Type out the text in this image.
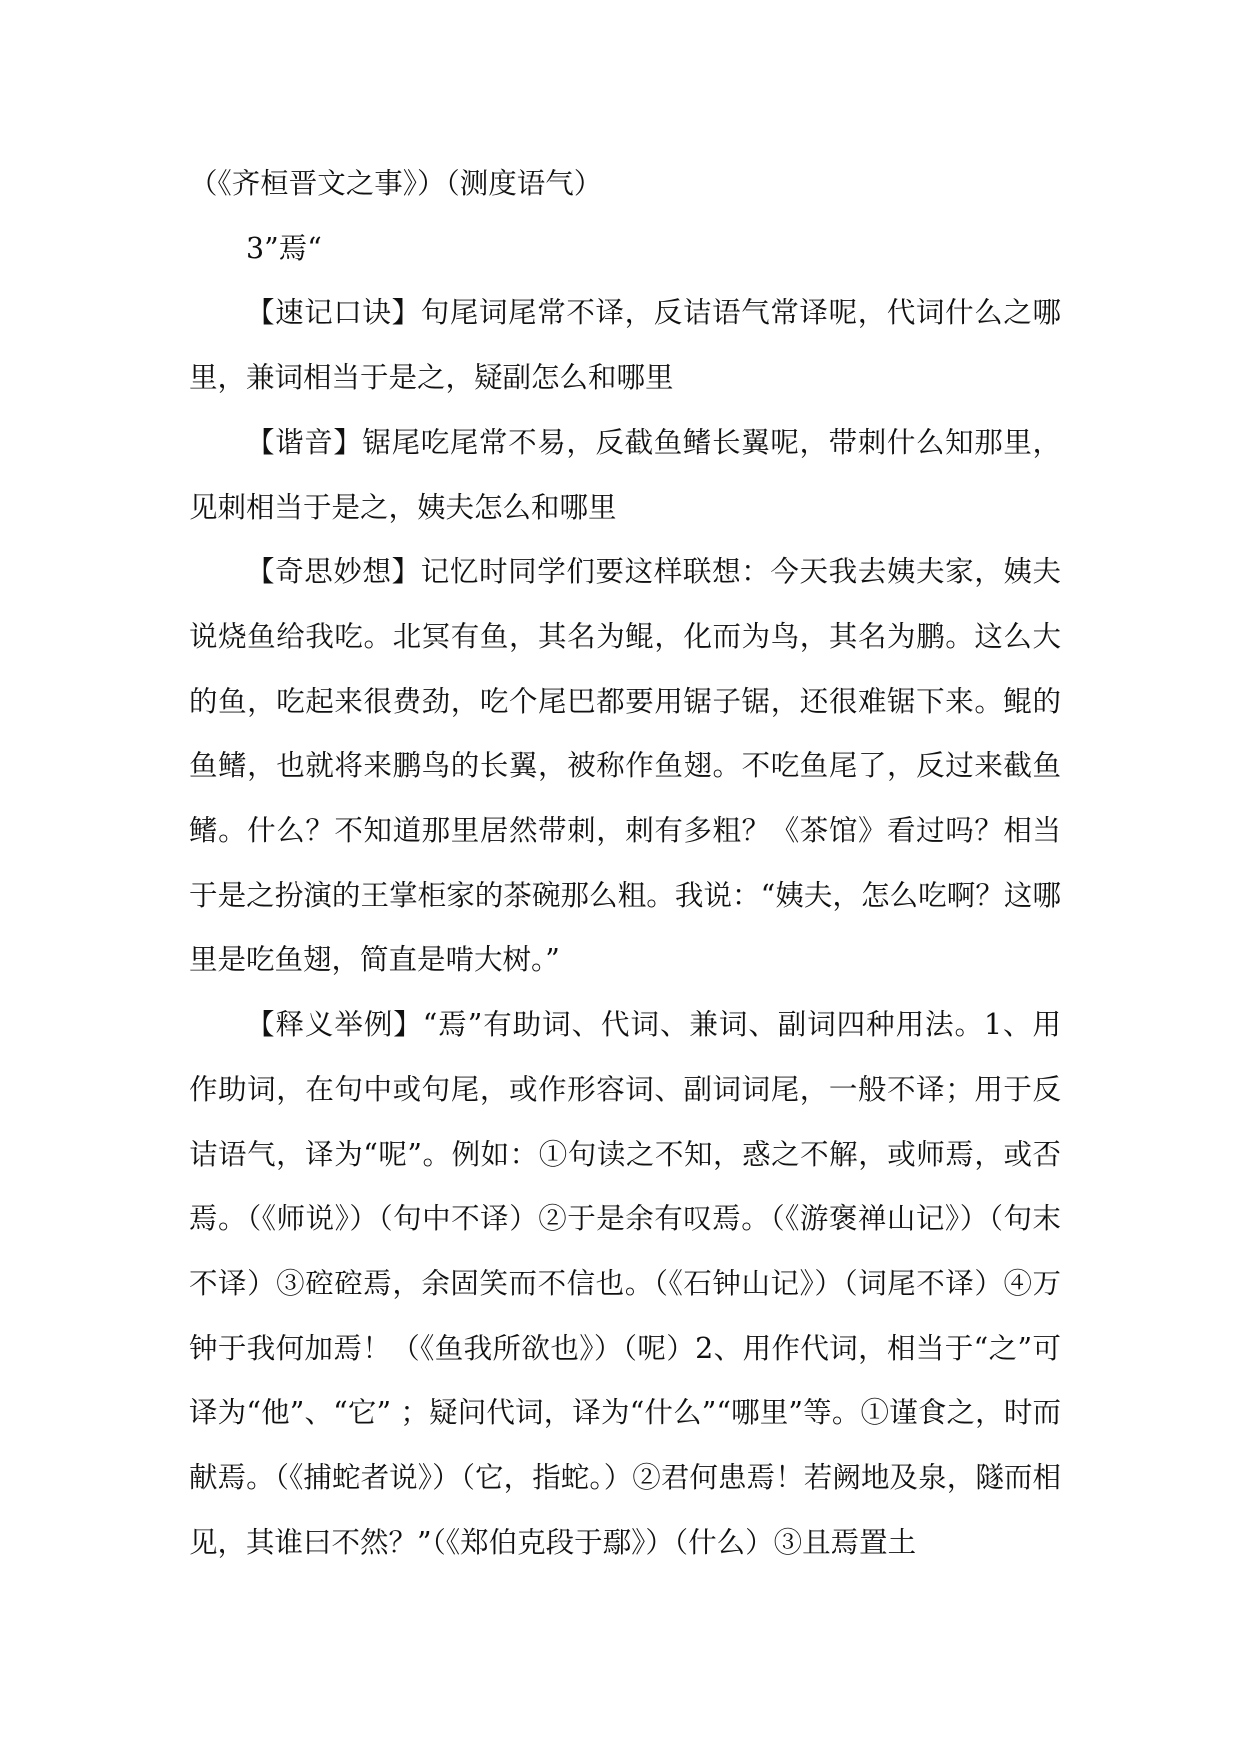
（《齐桓晋文之事》）（测度语气）

3”焉“

【速记口诀】句尾词尾常不译，反诘语气常译呢，代词什么之哪里，兼词相当于是之，疑副怎么和哪里

【谐音】锯尾吃尾常不易，反截鱼鳍长翼呢，带刺什么知那里，见刺相当于是之，姨夫怎么和哪里

【奇思妙想】记忆时同学们要这样联想：今天我去姨夫家，姨夫说烧鱼给我吃。北冥有鱼，其名为鲲，化而为鸟，其名为鹏。这么大的鱼，吃起来很费劲，吃个尾巴都要用锯子锯，还很难锯下来。鲲的鱼鳍，也就将来鹏鸟的长翼，被称作鱼翅。不吃鱼尾了，反过来截鱼鳍。什么？不知道那里居然带刺，刺有多粗？《茶馆》看过吗？相当于是之扮演的王掌柜家的茶碗那么粗。我说：“姨夫，怎么吃啊？这哪里是吃鱼翅，简直是啃大树。”

【释义举例】“焉”有助词、代词、兼词、副词四种用法。1、用作助词，在句中或句尾，或作形容词、副词词尾，一般不译；用于反诘语气，译为“呢”。例如：①句读之不知，惑之不解，或师焉，或否焉。（《师说》）（句中不译）②于是余有叹焉。（《游褒禅山记》）（句末不译）③硿硿焉，余固笑而不信也。（《石钟山记》）（词尾不译）④万钟于我何加焉！（《鱼我所欲也》）（呢）2、用作代词，相当于“之”可译为“他”、“它” ；疑问代词，译为“什么”“哪里”等。①谨食之，时而献焉。（《捕蛇者说》）（它，指蛇。）②君何患焉！若阙地及泉，隧而相见，其谁曰不然？”（《郑伯克段于鄢》）（什么）③且焉置土
